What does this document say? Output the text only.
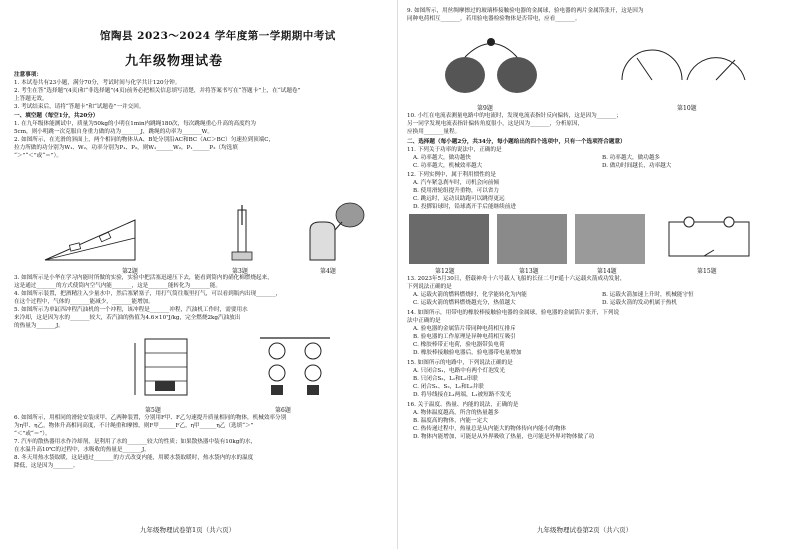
馆陶县 2023～2024 学年度第一学期期中考试
九年级物理试卷
注意事项：
1. 本试卷共有23小题，满分70分，考试时间与化学共计120分钟。
2. 考生在答“选择题”(4页)和“非选择题”(4页)前务必把相关信息填写清楚，并将答案书写在“答题卡”上，在“试题卷”
上答题无效。
3. 考试结束后，请将“答题卡”和“试题卷”一并交回。
一、填空题（每空1分，共20分）
1. 在九年级体能测试中，质量为50kg的小明在1min内跳绳180次，每次跳绳重心升高的高度约为
5cm，则小明跳一次克服自身重力做的功为_______J，跳绳的功率为_______W。
2. 如图所示，在光滑的斜面上，两个相同的物体从A、B处分别沿AC和BC（AC＞BC）匀速拉到顶端C，
拉力所做的功分别为W₁、W₂，功率分别为P₁、P₂，则W₁______W₂，P₁______P₂（均选填
“＞”“＜”或“＝”）。
第2题	第3题	第4题
3. 如图所示是小华在学习内能时所做的实验，实验中把活塞迅速压下去，能看到筒内的硝化棉燃烧起来，
这是通过_______的方式使筒内空气内能_______，这是_______能转化为_______能。
4. 如图所示装置，把酒精注入少量水中，然后塞紧塞子，用打气筒往瓶里打气，可以看到瓶内出现_______，
在这个过程中，气体的_______能减少，_______能增加。
5. 如图所示为单缸四冲程汽油机的一个冲程，该冲程是_______冲程，汽油机工作时，需要用水
来冷却，这是因为水的_______较大，若汽油的热值为4.6×10⁷J/kg，完全燃烧2kg汽油放出
的热量为_______J。
第5题	第6题
6. 如图所示，用相同的滑轮安装成甲、乙两种装置，分别用F甲、F乙匀速提升质量相同的物体，机械效率分别
为η甲、η乙，物体升高相同高度，不计绳重和摩擦，则F甲______F乙，η甲______η乙（选填“＞”
“＜”或“＝”）。
7. 汽车的散热器用水作冷却剂，是利用了水的_______较大的性质；如果散热器中装有10kg的水，
在水温升高10℃的过程中，水吸收的热量是_______J。
8. 冬天用热水袋取暖，这是通过_______的方式改变内能，用暖水袋取暖时，热水袋内的水的温度
降低，这是因为_______。
九年级物理试卷第1页（共六页）
9. 如图所示，用丝绸摩擦过的玻璃棒接触验电器的金属球，验电器的两片金属箔张开，这是因为
同种电荷相互_______。若用验电器检验物体是否带电，应看_______。
第9题	第10题
10. 小红在电流表测量电路中的电流时，发现电流表指针反向偏转，这是因为_______；
另一同学发现电流表指针偏转角度很小，这是因为_______，分析原因，
应换用_______量程。
二、选择题（每小题2分，共34分，每小题给出的四个选项中，只有一个选项符合题意）
11. 下列关于功率的说法中，正确的是
A. 功率越大，做功越快	B. 功率越大，做功越多
C. 功率越大，机械效率越大	D. 做功时间越长，功率越大
12. 下列实例中，属于利用惯性的是
A. 汽车紧急刹车时，司机会向前倾
B. 使用滑轮组提升重物，可以省力
C. 跳远时，运动员助跑可以跳得更远
D. 投掷铅球时，铅球离开手后能继续前进
第12题	第13题	第14题	第15题
13. 2023年5月30日，搭载神舟十六号载人飞船的长征二号F遥十六运载火箭成功发射，
下列说法正确的是
A. 运载火箭的燃料燃烧时，化学能转化为内能	B. 运载火箭加速上升时，机械能守恒
C. 运载火箭的燃料燃烧越充分，热值越大	D. 运载火箭的发动机属于热机
14. 如图所示，用带电的橡胶棒接触验电器的金属球，验电器的金属箔片张开，下列说
法中正确的是
A. 验电器的金属箔片带同种电荷相互排斥
B. 验电器的工作原理是异种电荷相互吸引
C. 橡胶棒带正电荷，验电器带负电荷
D. 橡胶棒接触验电器后，验电器带电量增加
15. 如图所示的电路中，下列说法正确的是
A. 只闭合S₁，电路中有两个灯泡发光
B. 只闭合S₂，L₁和L₂串联
C. 闭合S₁、S₂，L₁和L₂并联
D. 将导线接在L₁两端，L₁被短路不发光
16. 关于温度、热量、内能的说法，正确的是
A. 物体温度越高，所含的热量越多
B. 温度高的物体，内能一定大
C. 热传递过程中，热量总是从内能大的物体传向内能小的物体
D. 物体内能增加，可能是从外界吸收了热量，也可能是外界对物体做了功
九年级物理试卷第2页（共六页）
